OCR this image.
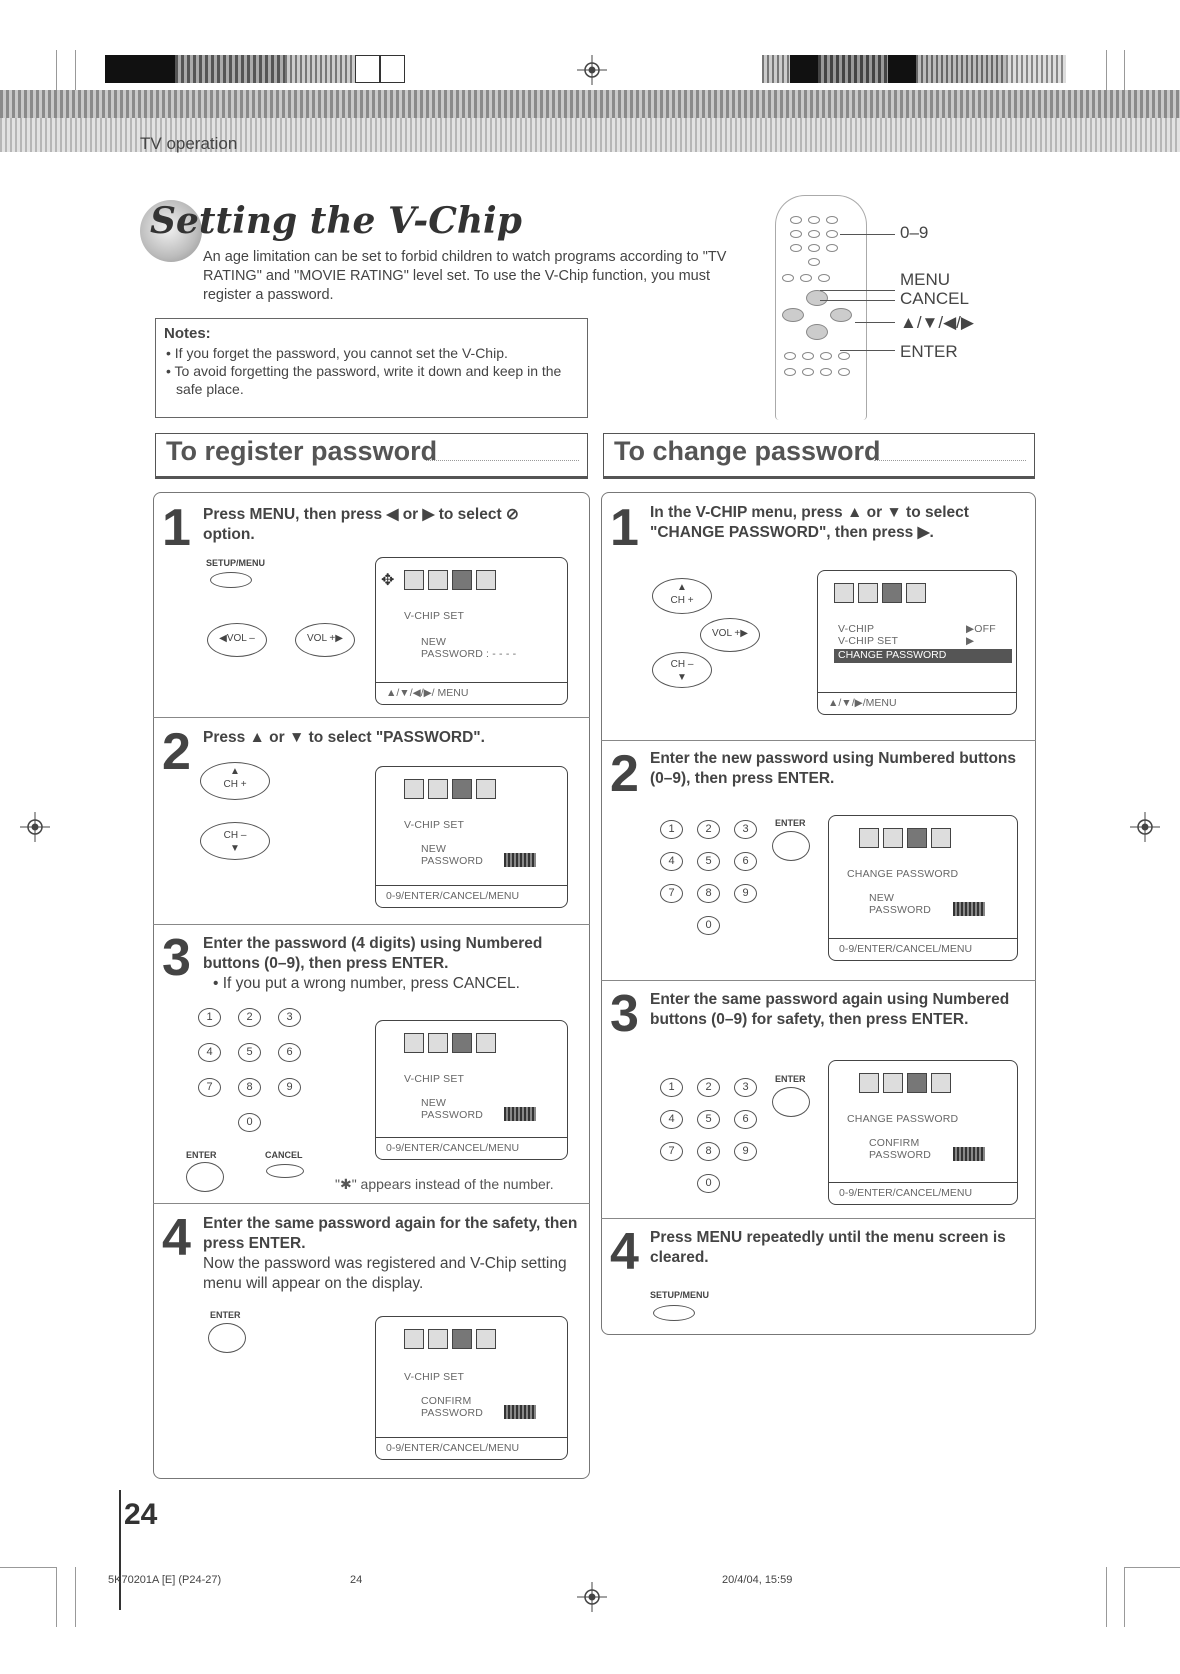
TV operation
Setting the V-Chip
An age limitation can be set to forbid children to watch programs according to "TV RATING" and "MOVIE RATING" level set. To use the V-Chip function, you must register a password.
Notes:

• If you forget the password, you cannot set the V-Chip.

• To avoid forgetting the password, write it down and keep in the safe place.

0–9
MENU
CANCEL
▲/▼/◀/▶
ENTER
To register password	To change password
1 Press MENU, then press ◀ or ▶ to select ⊘ option.
SETUP/MENU
◀VOL –	VOL +▶
✥
V-CHIP SET
NEW
PASSWORD : - - - -
▲/▼/◀/▶/ MENU
2 Press ▲ or ▼ to select "PASSWORD".
▲
CH +
CH –
▼
V-CHIP SET
NEW
PASSWORD
0-9/ENTER/CANCEL/MENU
3 Enter the password (4 digits) using Numbered buttons (0–9), then press ENTER.
• If you put a wrong number, press CANCEL.
1	2	3
4	5	6
7	8	9
0
ENTER	CANCEL
V-CHIP SET
NEW
PASSWORD
0-9/ENTER/CANCEL/MENU
"✱" appears instead of the number.
4 Enter the same password again for the safety, then press ENTER.
Now the password was registered and V-Chip setting menu will appear on the display.
ENTER
V-CHIP SET
CONFIRM
PASSWORD
0-9/ENTER/CANCEL/MENU
1 In the V-CHIP menu, press ▲ or ▼ to select "CHANGE PASSWORD", then press ▶.
▲
CH +
VOL +▶
CH –
▼
V-CHIP	▶OFF
V-CHIP SET	▶
CHANGE PASSWORD
▲/▼/▶/MENU
2 Enter the new password using Numbered buttons (0–9), then press ENTER.
1	2	3
4	5	6
7	8	9
0
ENTER
CHANGE PASSWORD
NEW
PASSWORD
0-9/ENTER/CANCEL/MENU
3 Enter the same password again using Numbered buttons (0–9) for safety, then press ENTER.
1	2	3
4	5	6
7	8	9
0
ENTER
CHANGE PASSWORD
CONFIRM
PASSWORD
0-9/ENTER/CANCEL/MENU
4 Press MENU repeatedly until the menu screen is cleared.
SETUP/MENU
24
5K70201A [E] (P24-27)	24	20/4/04, 15:59
